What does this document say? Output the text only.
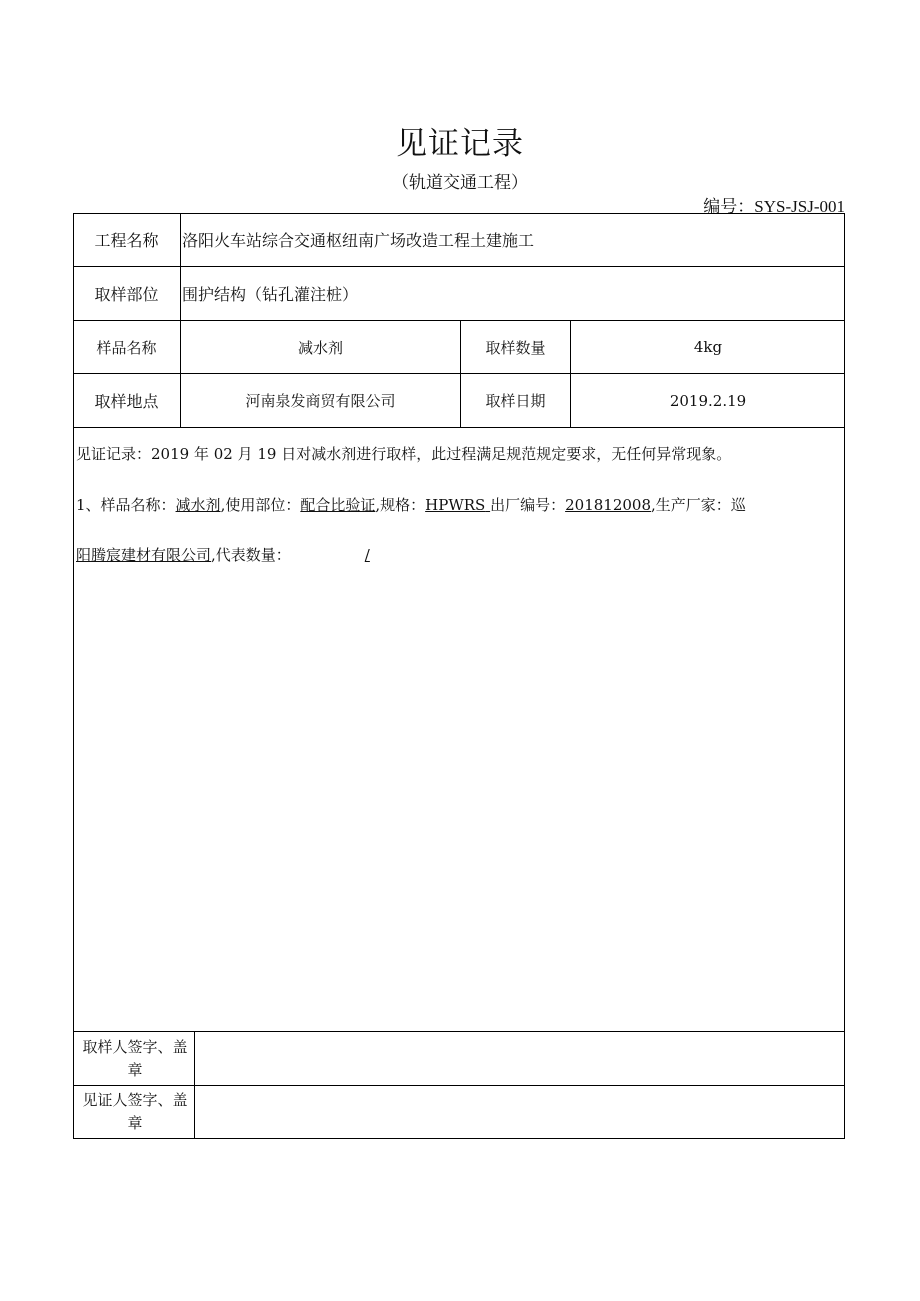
见证记录
（轨道交通工程）
编号：SYS-JSJ-001
工程名称	洛阳火车站综合交通枢纽南广场改造工程土建施工
取样部位	围护结构（钻孔灌注桩）
样品名称	减水剂	取样数量	4kg
取样地点	河南泉发商贸有限公司	取样日期	2019.2.19
见证记录：2019 年 02 月 19 日对减水剂进行取样，此过程满足规范规定要求，无任何异常现象。
1、样品名称：减水剂,使用部位：配合比验证,规格：HPWRS 出厂编号：201812008,生产厂家：巡
阳腾宸建材有限公司,代表数量：	/
取样人签字、盖
章
见证人签字、盖
章
